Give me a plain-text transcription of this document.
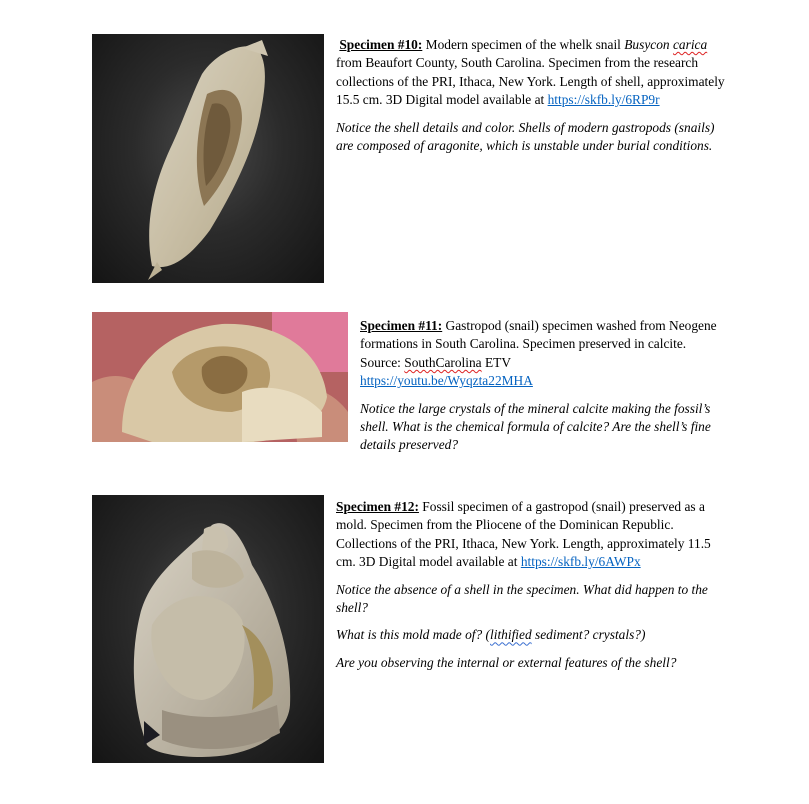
Specimen #10: Modern specimen of the whelk snail Busycon carica from Beaufort County, South Carolina. Specimen from the research collections of the PRI, Ithaca, New York. Length of shell, approximately 15.5 cm. 3D Digital model available at https://skfb.ly/6RP9r

Notice the shell details and color. Shells of modern gastropods (snails) are composed of aragonite, which is unstable under burial conditions.

Specimen #11: Gastropod (snail) specimen washed from Neogene formations in South Carolina. Specimen preserved in calcite. Source: SouthCarolina ETV
https://youtu.be/Wyqzta22MHA

Notice the large crystals of the mineral calcite making the fossil’s shell. What is the chemical formula of calcite? Are the shell’s fine details preserved?

Specimen #12: Fossil specimen of a gastropod (snail) preserved as a mold. Specimen from the Pliocene of the Dominican Republic. Collections of the PRI, Ithaca, New York. Length, approximately 11.5 cm. 3D Digital model available at https://skfb.ly/6AWPx

Notice the absence of a shell in the specimen. What did happen to the shell?

What is this mold made of? (lithified sediment? crystals?)

Are you observing the internal or external features of the shell?
